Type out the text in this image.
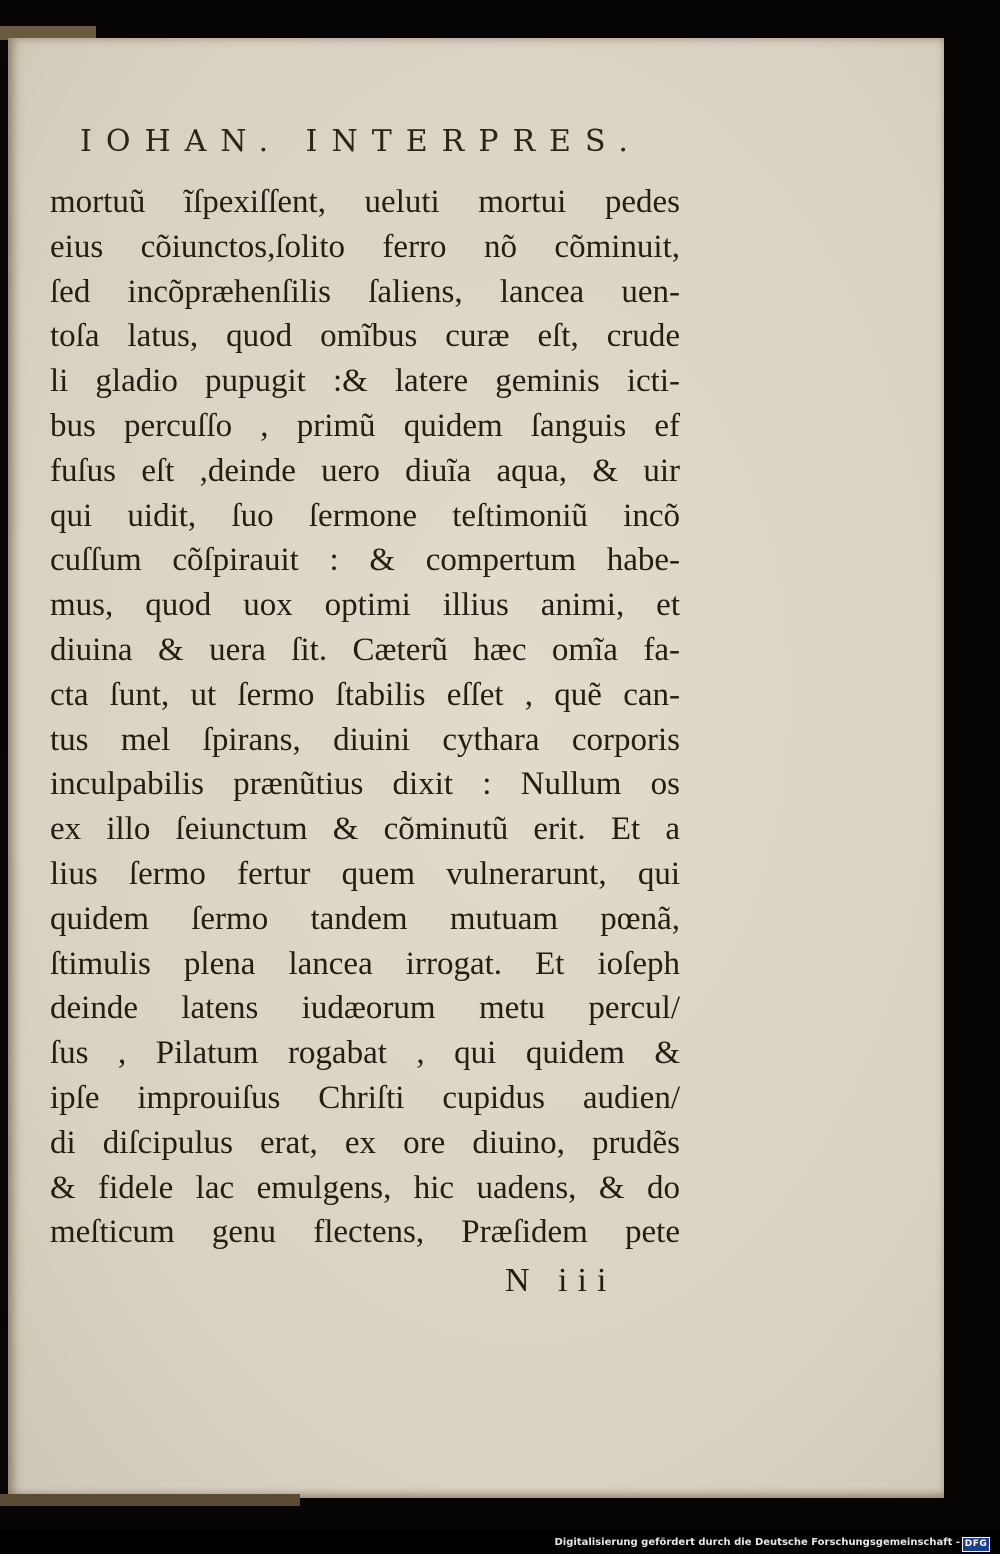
IOHAN. INTERPRES.
mortuũ ĩſpexiſſent, ueluti mortui pedes
eius cõiunctos,ſolito ferro nõ cõminuit,
ſed incõpræhenſilis ſaliens, lancea uen-
toſa latus, quod omĩbus curæ eſt, crude
li gladio pupugit :& latere geminis icti-
bus percuſſo , primũ quidem ſanguis ef
fuſus eſt ,deinde uero diuĩa aqua, & uir
qui uidit, ſuo ſermone teſtimoniũ incõ
cuſſum cõſpirauit : & compertum habe-
mus, quod uox optimi illius animi, et
diuina & uera ſit. Cæterũ hæc omĩa fa-
cta ſunt, ut ſermo ſtabilis eſſet , quẽ can-
tus mel ſpirans, diuini cythara corporis
inculpabilis prænũtius dixit : Nullum os
ex illo ſeiunctum & cõminutũ erit. Et a
lius ſermo fertur quem vulnerarunt, qui
quidem ſermo tandem mutuam pœnã,
ſtimulis plena lancea irrogat. Et ioſeph
deinde latens iudæorum metu percul/
ſus , Pilatum rogabat , qui quidem &
ipſe improuiſus Chriſti cupidus audien/
di diſcipulus erat, ex ore diuino, prudẽs
& fidele lac emulgens, hic uadens, & do
meſticum genu flectens, Præſidem pete
N iii
Digitalisierung gefördert durch die Deutsche Forschungsgemeinschaft - DFG
